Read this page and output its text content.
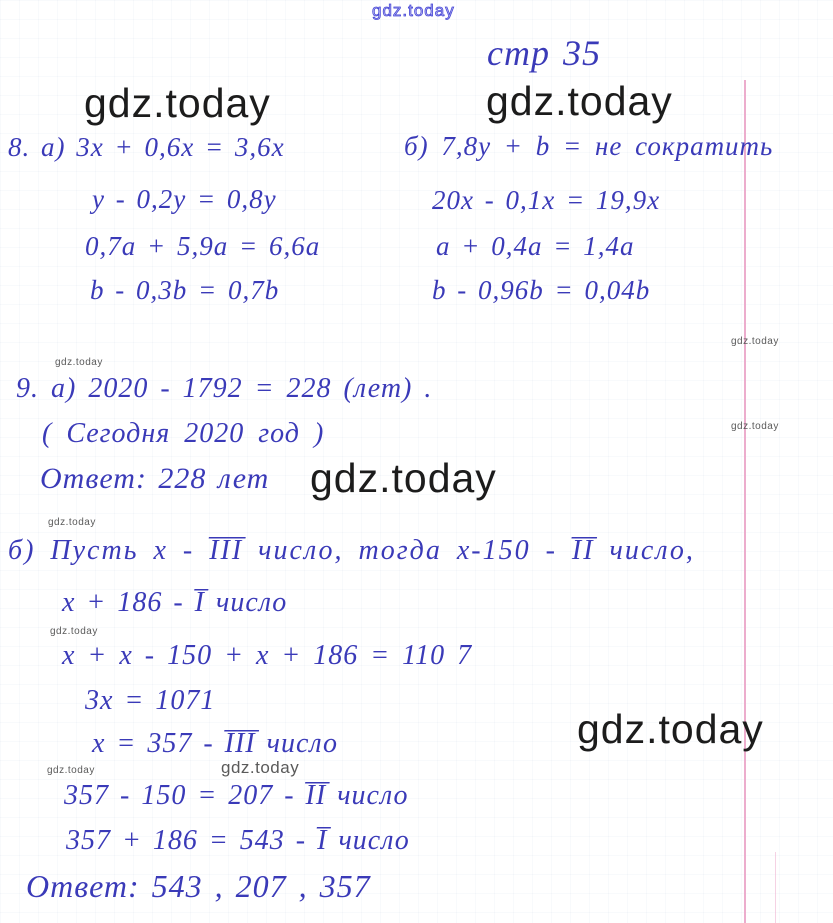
gdz.today
gdz.today	gdz.today
gdz.today
gdz.today
gdz.today
gdz.today
gdz.today
gdz.today
gdz.today
gdz.today	gdz.today
стр 35
8. а) 3x + 0,6x = 3,6x
y - 0,2y = 0,8y
0,7a + 5,9a = 6,6a
b - 0,3b = 0,7b
б) 7,8y + b = не сократить
20x - 0,1x = 19,9x
a + 0,4a = 1,4a
b - 0,96b = 0,04b
9. а) 2020 - 1792 = 228 (лет) .
( Сегодня 2020 год )
Ответ: 228 лет
б) Пусть x - I̅I̅I̅ число, тогда x-150 - I̅I̅ число,
x + 186 - I̅ число
x + x - 150 + x + 186 = 110 7
3x = 1071
x = 357 - I̅I̅I̅ число
357 - 150 = 207 - I̅I̅ число
357 + 186 = 543 - I̅ число
Ответ: 543 , 207 , 357
